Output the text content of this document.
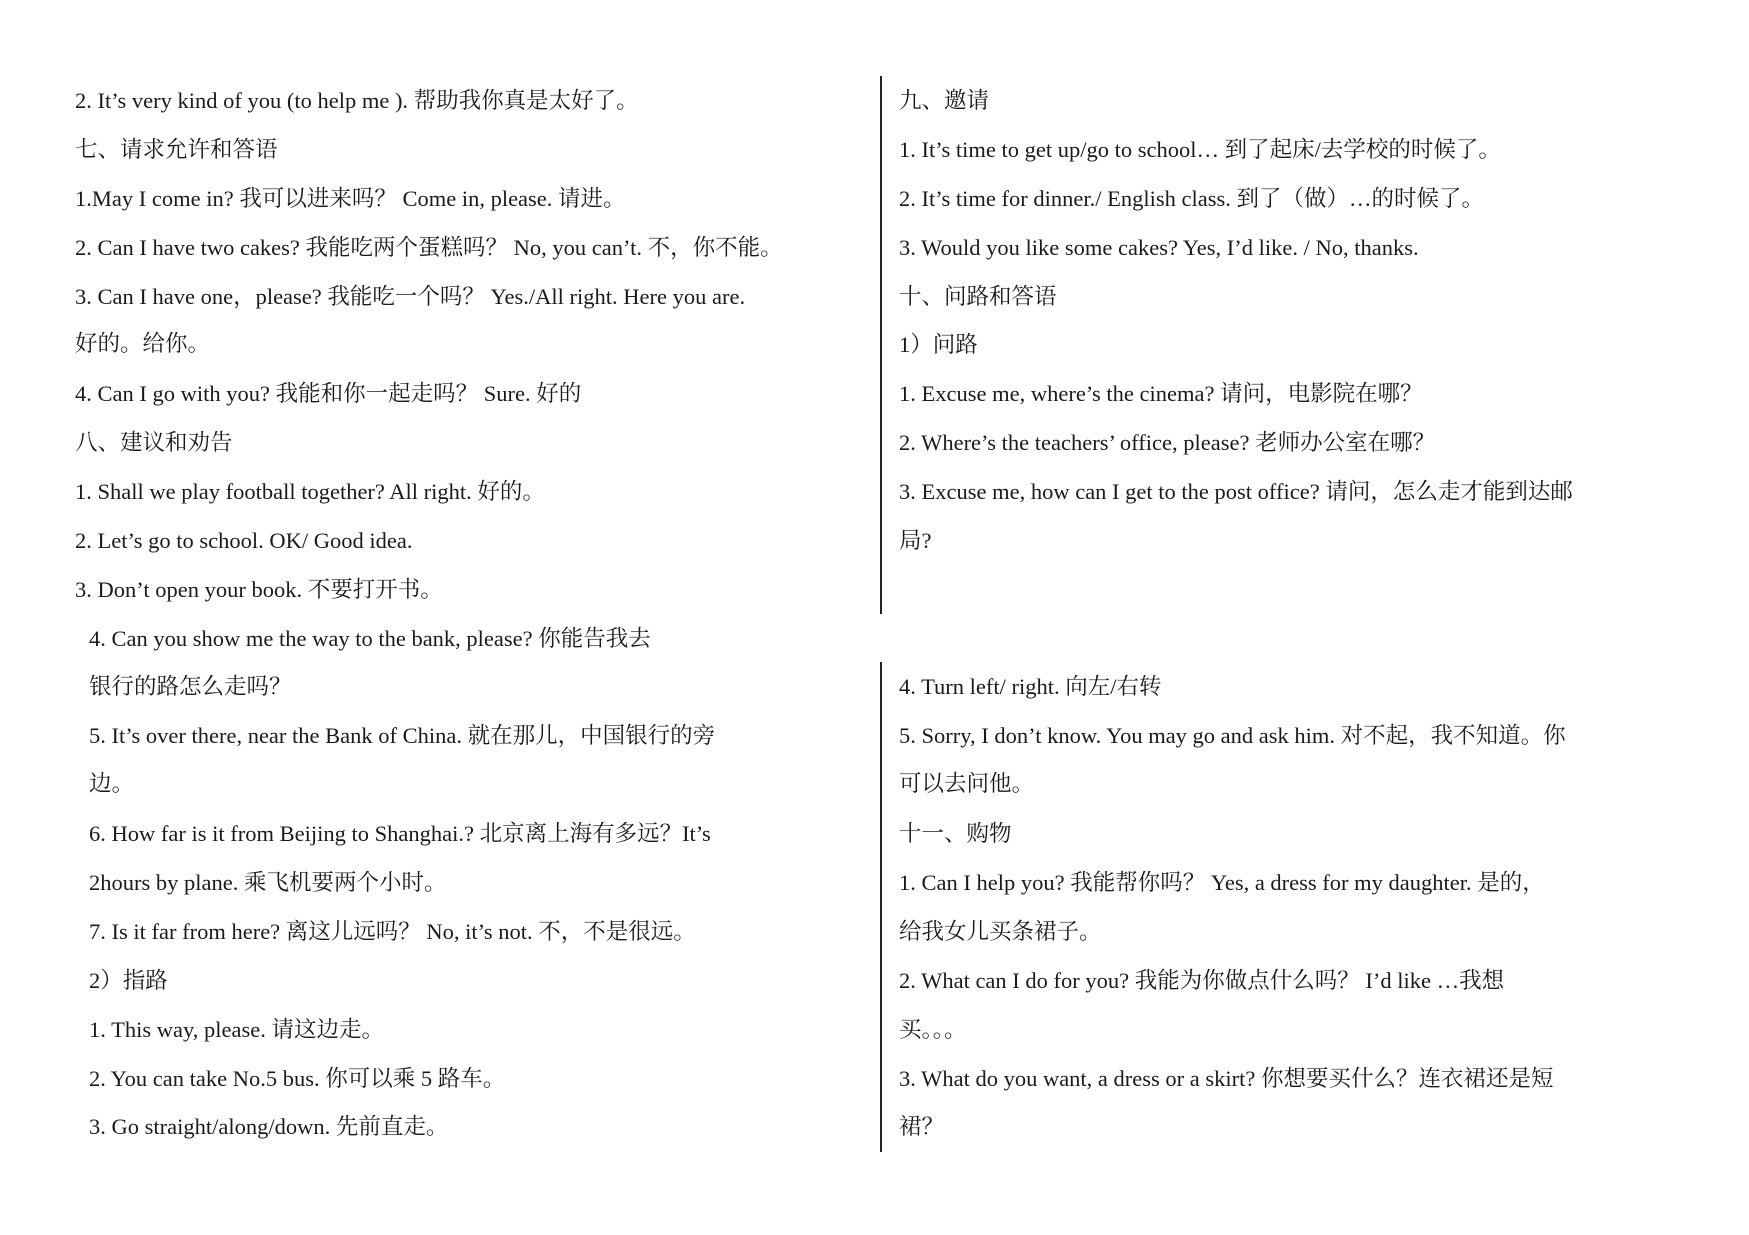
2. It’s very kind of you (to help me ). 帮助我你真是太好了。
七、请求允许和答语
1.May I come in? 我可以进来吗？ Come in, please. 请进。
2. Can I have two cakes? 我能吃两个蛋糕吗？ No, you can’t. 不，你不能。
3. Can I have one，please? 我能吃一个吗？ Yes./All right. Here you are.
好的。给你。
4. Can I go with you? 我能和你一起走吗？ Sure. 好的
八、建议和劝告
1. Shall we play football together? All right. 好的。
2. Let’s go to school. OK/ Good idea.
3. Don’t open your book. 不要打开书。
4. Can you show me the way to the bank, please? 你能告我去
银行的路怎么走吗？
5. It’s over there, near the Bank of China. 就在那儿，中国银行的旁
边。
6. How far is it from Beijing to Shanghai.? 北京离上海有多远？It’s
2hours by plane. 乘飞机要两个小时。
7. Is it far from here? 离这儿远吗？ No, it’s not. 不，不是很远。
2）指路
1. This way, please. 请这边走。
2. You can take No.5 bus. 你可以乘 5 路车。
3. Go straight/along/down. 先前直走。
九、邀请
1. It’s time to get up/go to school… 到了起床/去学校的时候了。
2. It’s time for dinner./ English class. 到了（做）…的时候了。
3. Would you like some cakes? Yes, I’d like. / No, thanks.
十、问路和答语
1）问路
1. Excuse me, where’s the cinema? 请问，电影院在哪？
2. Where’s the teachers’ office, please? 老师办公室在哪？
3. Excuse me, how can I get to the post office? 请问，怎么走才能到达邮
局?
4. Turn left/ right. 向左/右转
5. Sorry, I don’t know. You may go and ask him. 对不起，我不知道。你
可以去问他。
十一、购物
1. Can I help you? 我能帮你吗？ Yes, a dress for my daughter. 是的，
给我女儿买条裙子。
2. What can I do for you? 我能为你做点什么吗？ I’d like …我想
买。。。
3. What do you want, a dress or a skirt? 你想要买什么？连衣裙还是短
裙？
